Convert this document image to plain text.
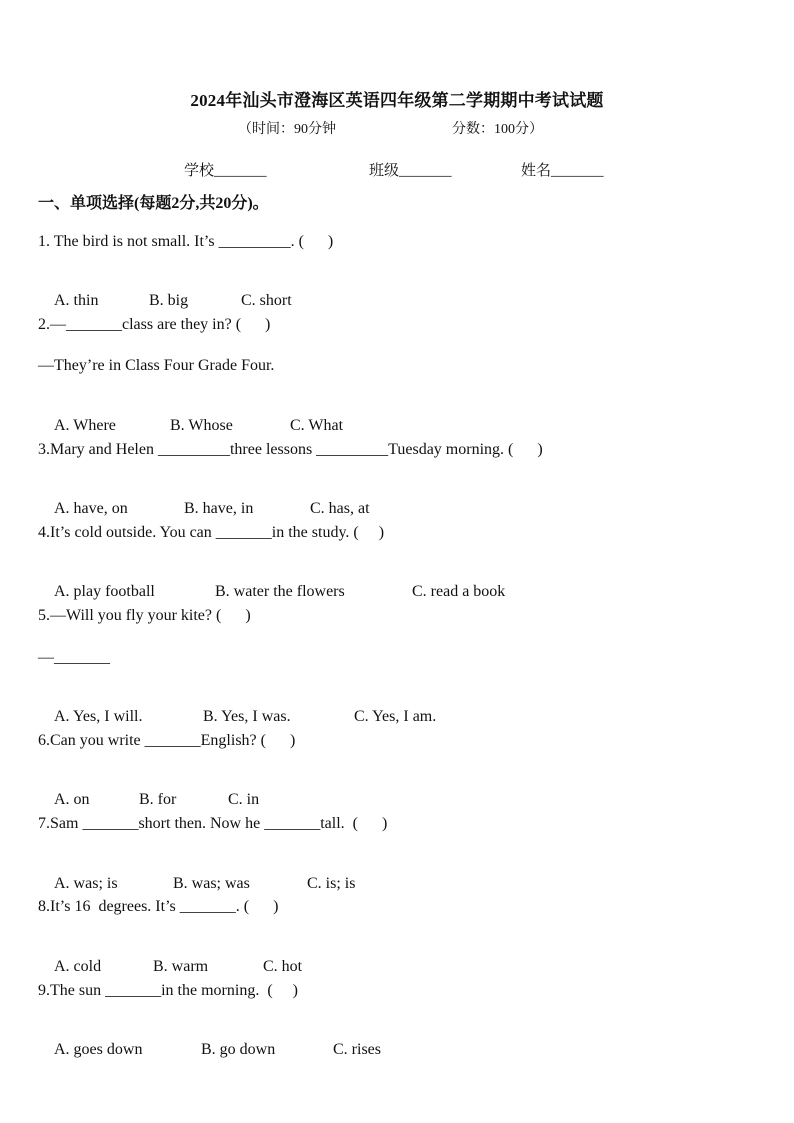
2024年汕头市澄海区英语四年级第二学期期中考试试题
（时间：90分钟	分数：100分）
学校_______	班级_______	姓名_______
一、单项选择(每题2分,共20分)。
1. The bird is not small. It’s _________. (      )

A. thin	B. big	C. short

2.—_______class are they in? (      )
—They’re in Class Four Grade Four.

A. Where	B. Whose	C. What

3.Mary and Helen _________three lessons _________Tuesday morning. (      )

A. have, on	B. have, in	C. has, at

4.It’s cold outside. You can _______in the study. (     )

A. play football	B. water the flowers	C. read a book

5.—Will you fly your kite? (      )
—_______

A. Yes, I will.	B. Yes, I was.	C. Yes, I am.

6.Can you write _______English? (      )

A. on	B. for	C. in

7.Sam _______short then. Now he _______tall.  (      )

A. was; is	B. was; was	C. is; is

8.It’s 16  degrees. It’s _______. (      )

A. cold	B. warm	C. hot

9.The sun _______in the morning.  (     )

A. goes down	B. go down	C. rises
